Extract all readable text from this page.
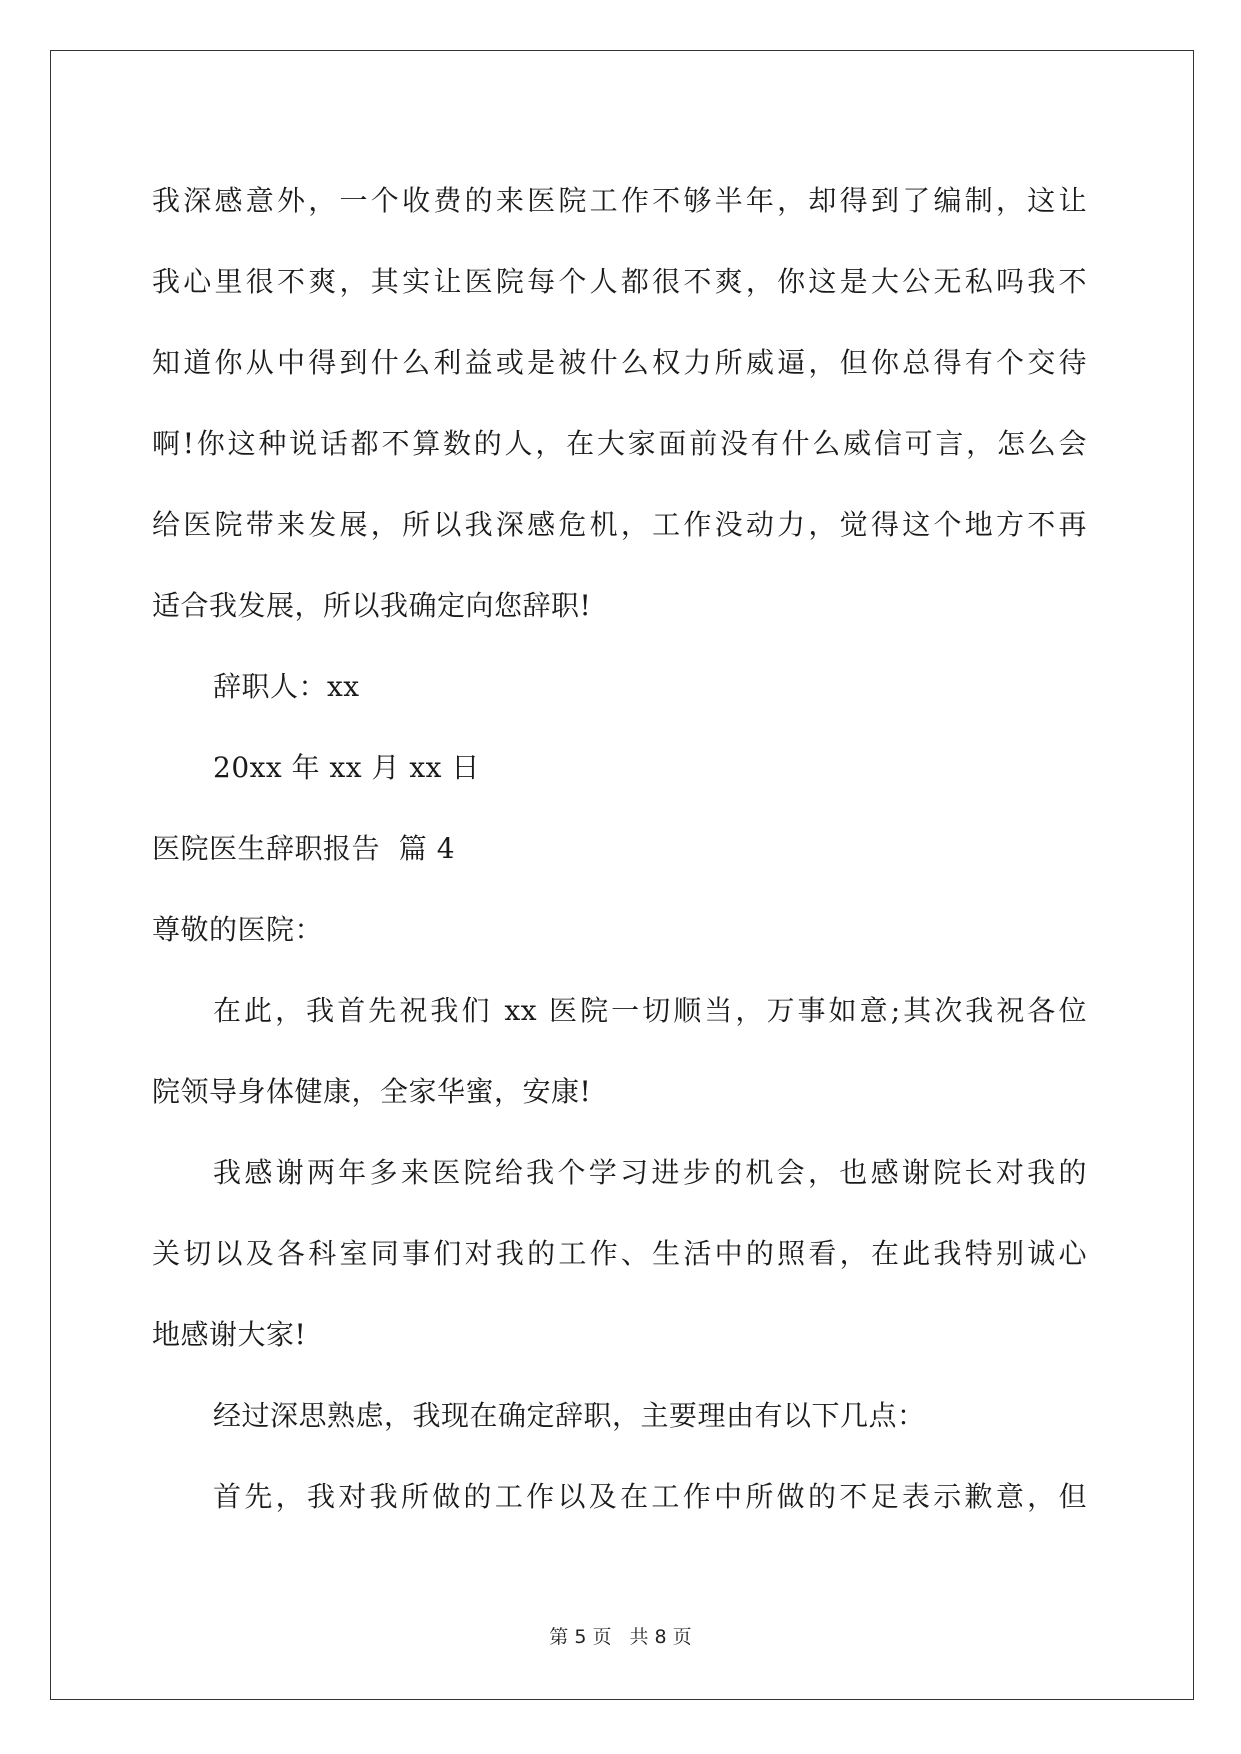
我深感意外，一个收费的来医院工作不够半年，却得到了编制，这让

我心里很不爽，其实让医院每个人都很不爽，你这是大公无私吗我不

知道你从中得到什么利益或是被什么权力所威逼，但你总得有个交待

啊!你这种说话都不算数的人，在大家面前没有什么威信可言，怎么会

给医院带来发展，所以我深感危机，工作没动力，觉得这个地方不再

适合我发展，所以我确定向您辞职!

辞职人：xx

20xx 年 xx 月 xx 日

医院医生辞职报告  篇 4

尊敬的医院：

在此，我首先祝我们 xx 医院一切顺当，万事如意;其次我祝各位

院领导身体健康，全家华蜜，安康!

我感谢两年多来医院给我个学习进步的机会，也感谢院长对我的

关切以及各科室同事们对我的工作、生活中的照看，在此我特别诚心

地感谢大家!

经过深思熟虑，我现在确定辞职，主要理由有以下几点：

首先，我对我所做的工作以及在工作中所做的不足表示歉意，但

第 5 页 共 8 页
